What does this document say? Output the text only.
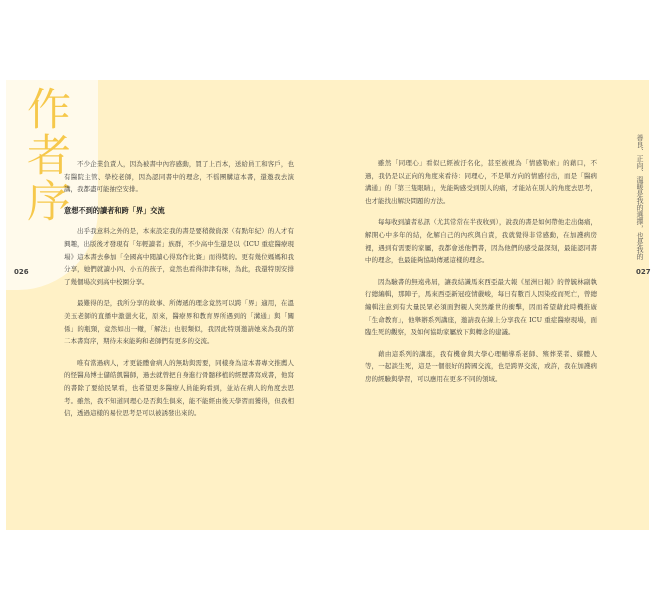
作者序
026

不少企業負責人，因為被書中內容感動，買了上百本，送給員工和客戶，也有醫院主管、學校老師，因為認同書中的理念，不徭團購這本書，還邀我去演講，我都盡可能抽空安排。

意想不到的讀者和跨「界」交流

出乎我意料之外的是，本來設定我的書是要稍微資深（有點年紀）的人才有興趣，出版後才發現有「年輕讀者」族群，不少高中生還是以《ICU 重症醫療現場》這本書去參加「全國高中閱讀心得寫作比賽」而得獎的。更有幾位媽媽和我分享，她們就讀小四、小五的孩子，竟然也看得津津有味，為此，我還特別安排了幾個場次到高中校園分享。

最難得的是，我所分享的故事、所傳遞的理念竟然可以跨「界」適用，在溫美玉老師的直播中激盪火花，原來，醫療界和教育界所遇到的「溝通」與「關係」的瓶頸，竟然如出一轍，「解法」也很類似，我因此特別邀請她來為我的第二本書寫序，期待未來能夠和老師們有更多的交流。

唯有當過病人，才更能體會病人的無助與需要，同樣身為這本書專文推薦人的怪醫烏博士儲皓凱醫師，過去就曾把自身進行骨髓移植的經歷書寫成書，他寫的書除了要給民眾看，也希望更多醫療人員能夠看到，並站在病人的角度去思考。雖然，我不知道同理心是否與生俱來，能不能經由後天學習而獲得，但我相信，透過這樣的易位思考是可以被誘發出來的。

善良、正向、溫暖是我的選擇，也是我的
027

雖然「同理心」看似已經被汙名化，甚至被視為「情感勒索」的藉口，不過，我仍是以正向的角度來看待：同理心，不是單方向的情感付出，而是「醫病溝通」的「第三隻眼睛」，先能夠感受到別人的痛，才能站在別人的角度去思考，也才能找出解決問題的方法。

每每收到讀者私訊（尤其常常在半夜收到），說我的書是如何帶他走出傷痛，解開心中多年的結，化解自己的內疚與自責，我就覺得非常感動，在加護病房裡，遇到有需要的家屬，我都會送他們書，因為他們的感受最深刻，最能認同書中的理念，也最能夠協助傳遞這樣的理念。

因為驗書的無遠弗屆，讓我結識馬來西亞最大報《星洲日報》的曾毓林副執行總編輯，那陣子，馬來西亞新冠疫情嚴峻，每日有數百人因染疫而死亡，曾總編輯注意到有大量民眾必須面對親人突然離世的衝擊，因而希望藉此時機推廣「生命教育」，他舉辦系列講座，邀請我在線上分享我在 ICU 重症醫療現場，面臨生死的觀察，及如何協助家屬放下與轉念的建議。

藉由這系列的講座，我有機會與大學心理輔導系老師、殯葬業者、媒體人等，一起談生死，這是一個很好的跨國交流，也是跨界交流，或許，我在加護病房的經驗與學習，可以應用在更多不同的領域。
